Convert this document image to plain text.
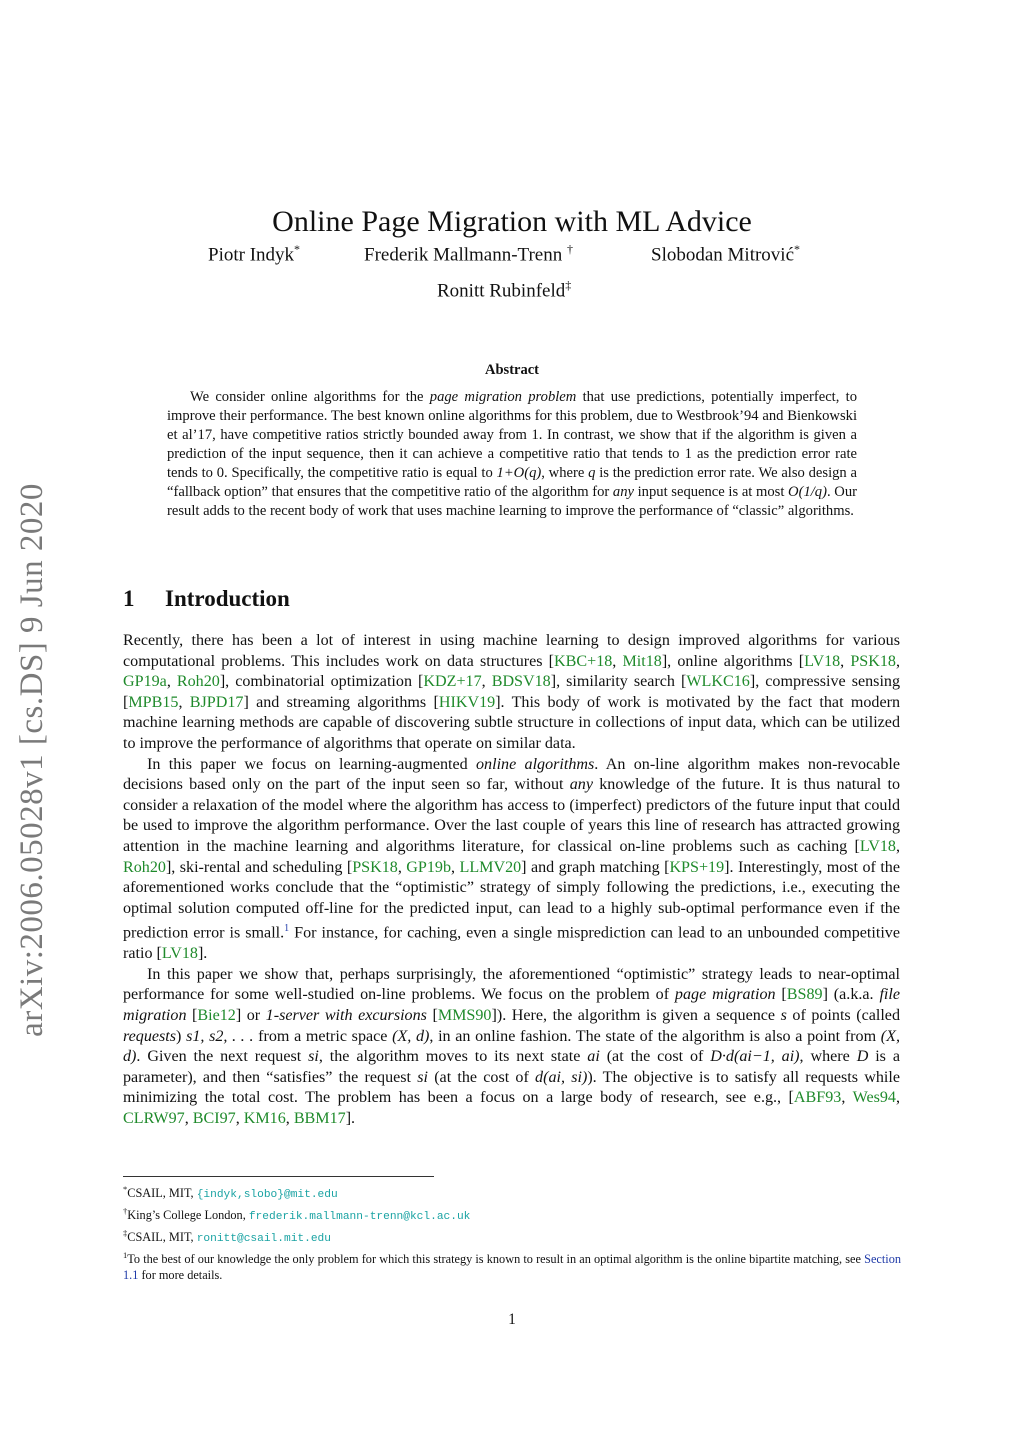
arXiv:2006.05028v1 [cs.DS] 9 Jun 2020
Online Page Migration with ML Advice
Piotr Indyk*	Frederik Mallmann-Trenn †	Slobodan Mitrović*
Ronitt Rubinfeld‡
Abstract
We consider online algorithms for the page migration problem that use predictions, potentially imperfect, to improve their performance. The best known online algorithms for this problem, due to Westbrook’94 and Bienkowski et al’17, have competitive ratios strictly bounded away from 1. In contrast, we show that if the algorithm is given a prediction of the input sequence, then it can achieve a competitive ratio that tends to 1 as the prediction error rate tends to 0. Specifically, the competitive ratio is equal to 1+O(q), where q is the prediction error rate. We also design a “fallback option” that ensures that the competitive ratio of the algorithm for any input sequence is at most O(1/q). Our result adds to the recent body of work that uses machine learning to improve the performance of “classic” algorithms.
1 Introduction

Recently, there has been a lot of interest in using machine learning to design improved algorithms for various computational problems. This includes work on data structures [KBC+18, Mit18], online algorithms [LV18, PSK18, GP19a, Roh20], combinatorial optimization [KDZ+17, BDSV18], similarity search [WLKC16], compressive sensing [MPB15, BJPD17] and streaming algorithms [HIKV19]. This body of work is motivated by the fact that modern machine learning methods are capable of discovering subtle structure in collections of input data, which can be utilized to improve the performance of algorithms that operate on similar data.

In this paper we focus on learning-augmented online algorithms. An on-line algorithm makes non-revocable decisions based only on the part of the input seen so far, without any knowledge of the future. It is thus natural to consider a relaxation of the model where the algorithm has access to (imperfect) predictors of the future input that could be used to improve the algorithm performance. Over the last couple of years this line of research has attracted growing attention in the machine learning and algorithms literature, for classical on-line problems such as caching [LV18, Roh20], ski-rental and scheduling [PSK18, GP19b, LLMV20] and graph matching [KPS+19]. Interestingly, most of the aforementioned works conclude that the “optimistic” strategy of simply following the predictions, i.e., executing the optimal solution computed off-line for the predicted input, can lead to a highly sub-optimal performance even if the prediction error is small.$^1$ For instance, for caching, even a single misprediction can lead to an unbounded competitive ratio [LV18].

In this paper we show that, perhaps surprisingly, the aforementioned “optimistic” strategy leads to near-optimal performance for some well-studied on-line problems. We focus on the problem of page migration [BS89] (a.k.a. file migration [Bie12] or 1-server with excursions [MMS90]). Here, the algorithm is given a sequence s of points (called requests) s1, s2, . . . from a metric space (X, d), in an online fashion. The state of the algorithm is also a point from (X, d). Given the next request si, the algorithm moves to its next state ai (at the cost of D·d(ai−1, ai), where D is a parameter), and then “satisfies” the request si (at the cost of d(ai, si)). The objective is to satisfy all requests while minimizing the total cost. The problem has been a focus on a large body of research, see e.g., [ABF93, Wes94, CLRW97, BCI97, KM16, BBM17].

*CSAIL, MIT, {indyk,slobo}@mit.edu
†King’s College London, frederik.mallmann-trenn@kcl.ac.uk
‡CSAIL, MIT, ronitt@csail.mit.edu
$^1$To the best of our knowledge the only problem for which this strategy is known to result in an optimal algorithm is the online bipartite matching, see Section 1.1 for more details.
1
